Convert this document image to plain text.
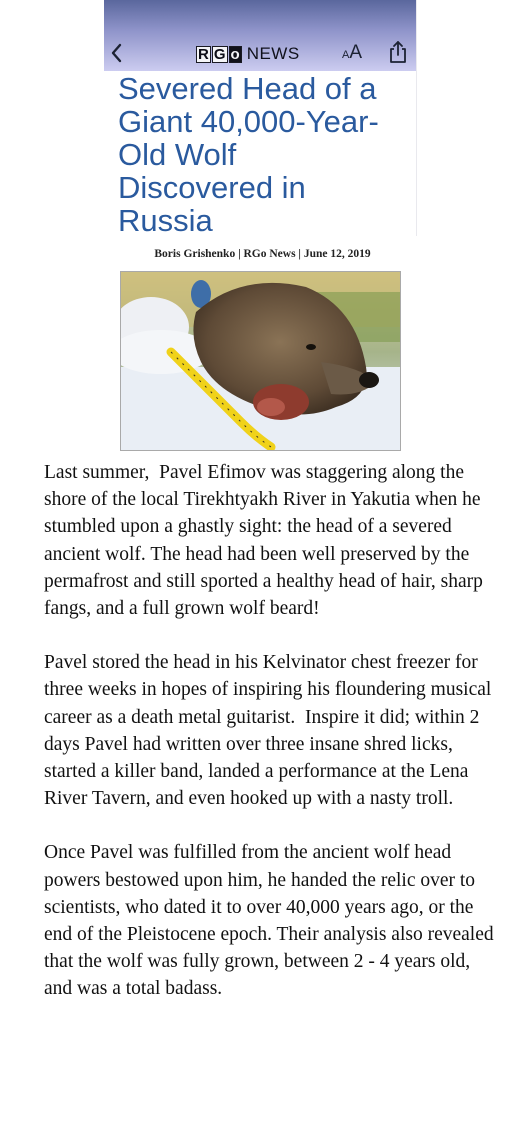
R G o NEWS	AA
Severed Head of a
Giant 40,000-Year-
Old Wolf
Discovered in
Russia
Boris Grishenko | RGo News | June 12, 2019

Last summer,  Pavel Efimov was staggering along the shore of the local Tirekhtyakh River in Yakutia when he stumbled upon a ghastly sight: the head of a severed ancient wolf. The head had been well preserved by the permafrost and still sported a healthy head of hair, sharp fangs, and a full grown wolf beard!

Pavel stored the head in his Kelvinator chest freezer for three weeks in hopes of inspiring his floundering musical career as a death metal guitarist.  Inspire it did; within 2 days Pavel had written over three insane shred licks, started a killer band, landed a performance at the Lena River Tavern, and even hooked up with a nasty troll.

Once Pavel was fulfilled from the ancient wolf head powers bestowed upon him, he handed the relic over to scientists, who dated it to over 40,000 years ago, or the end of the Pleistocene epoch. Their analysis also revealed that the wolf was fully grown, between 2 - 4 years old, and was a total badass.
